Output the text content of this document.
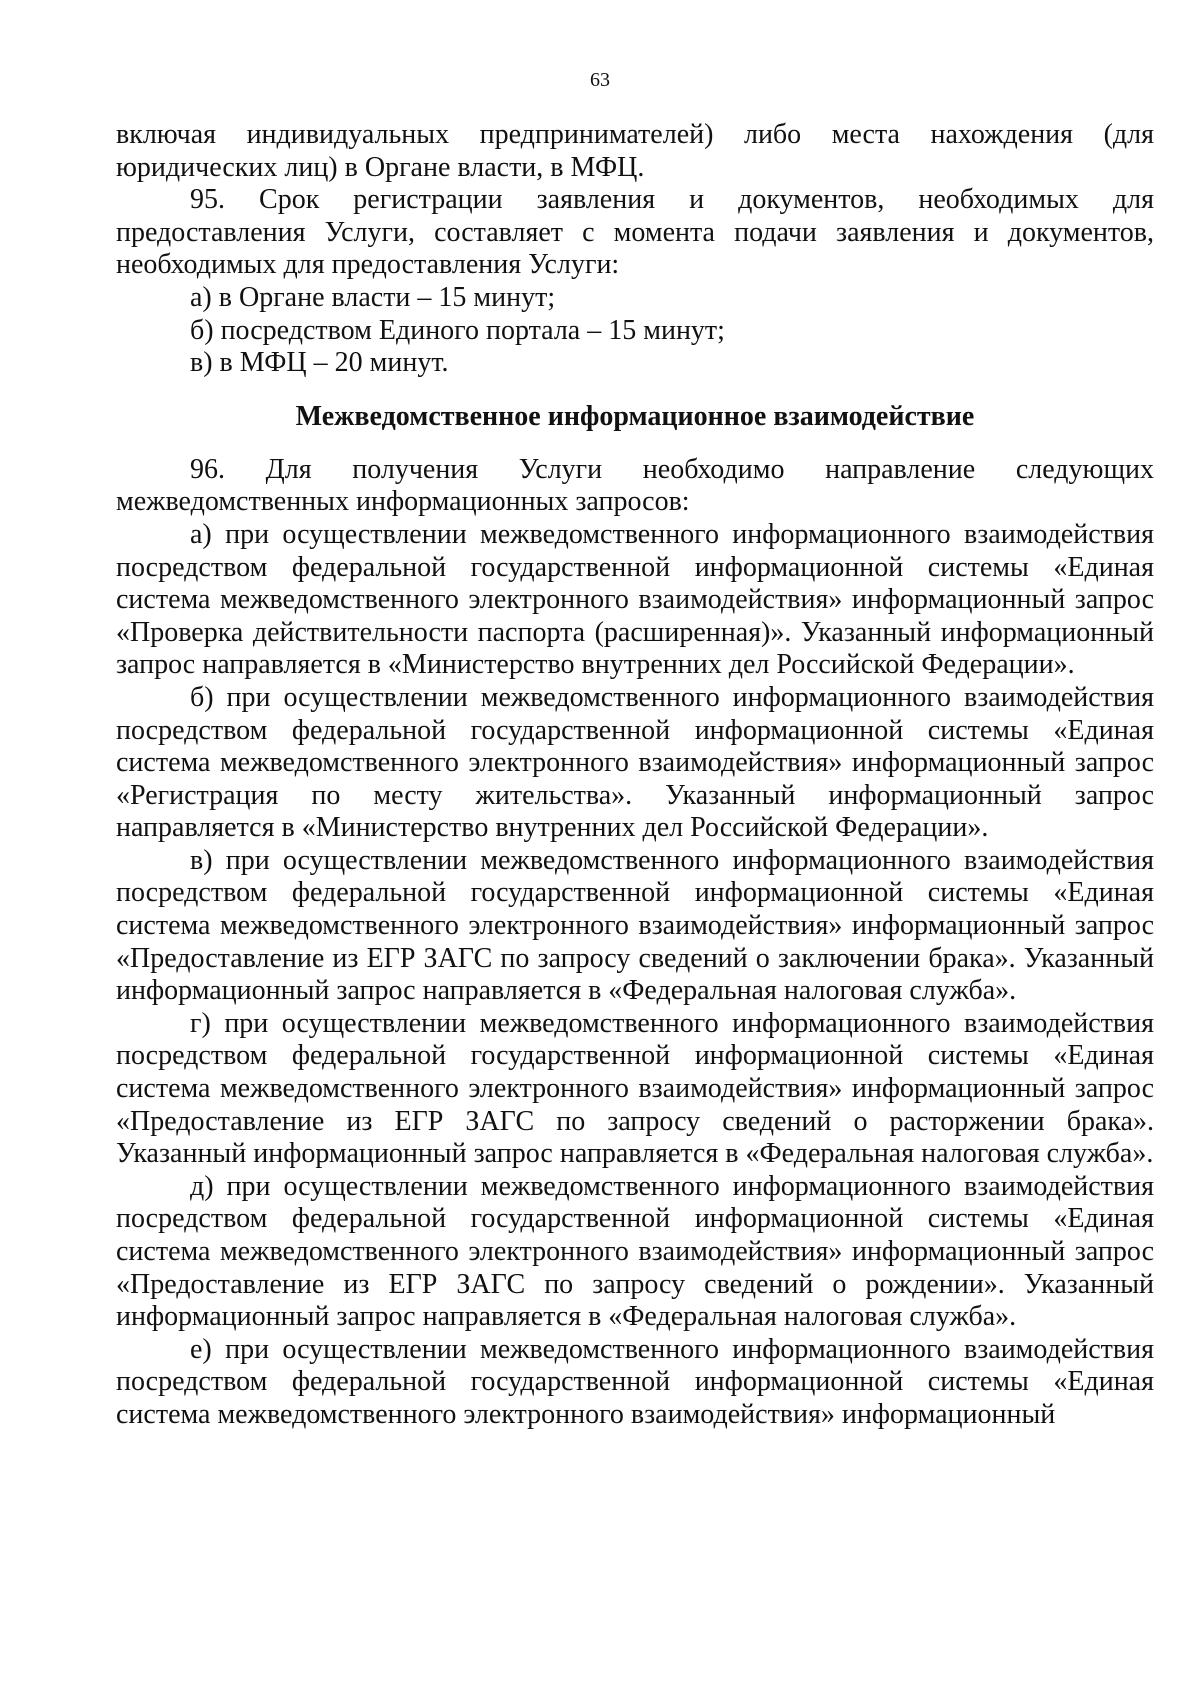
63

включая индивидуальных предпринимателей) либо места нахождения (для юридических лиц) в Органе власти, в МФЦ.

95. Срок регистрации заявления и документов, необходимых для предоставления Услуги, составляет с момента подачи заявления и документов, необходимых для предоставления Услуги:

а) в Органе власти – 15 минут;

б) посредством Единого портала – 15 минут;

в) в МФЦ – 20 минут.

Межведомственное информационное взаимодействие

96. Для получения Услуги необходимо направление следующих межведомственных информационных запросов:

а) при осуществлении межведомственного информационного взаимодействия посредством федеральной государственной информационной системы «Единая система межведомственного электронного взаимодействия» информационный запрос «Проверка действительности паспорта (расширенная)». Указанный информационный запрос направляется в «Министерство внутренних дел Российской Федерации».

б) при осуществлении межведомственного информационного взаимодействия посредством федеральной государственной информационной системы «Единая система межведомственного электронного взаимодействия» информационный запрос «Регистрация по месту жительства». Указанный информационный запрос направляется в «Министерство внутренних дел Российской Федерации».

в) при осуществлении межведомственного информационного взаимодействия посредством федеральной государственной информационной системы «Единая система межведомственного электронного взаимодействия» информационный запрос «Предоставление из ЕГР ЗАГС по запросу сведений о заключении брака». Указанный информационный запрос направляется в «Федеральная налоговая служба».

г) при осуществлении межведомственного информационного взаимодействия посредством федеральной государственной информационной системы «Единая система межведомственного электронного взаимодействия» информационный запрос «Предоставление из ЕГР ЗАГС по запросу сведений о расторжении брака». Указанный информационный запрос направляется в «Федеральная налоговая служба».

д) при осуществлении межведомственного информационного взаимодействия посредством федеральной государственной информационной системы «Единая система межведомственного электронного взаимодействия» информационный запрос «Предоставление из ЕГР ЗАГС по запросу сведений о рождении». Указанный информационный запрос направляется в «Федеральная налоговая служба».

е) при осуществлении межведомственного информационного взаимодействия посредством федеральной государственной информационной системы «Единая система межведомственного электронного взаимодействия» информационный
